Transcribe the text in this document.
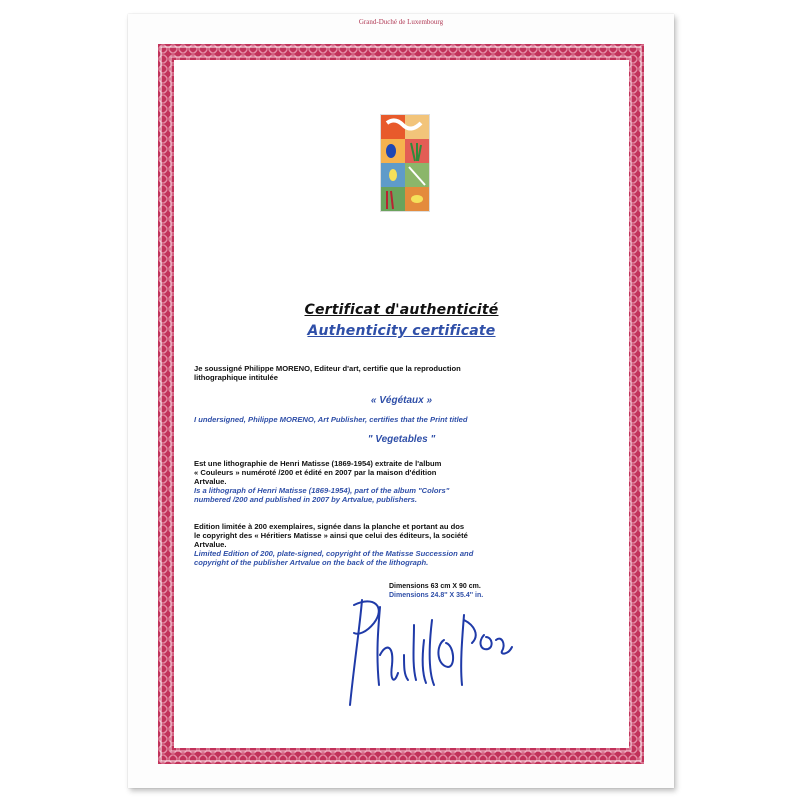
Grand-Duché de Luxembourg
Certificat d'authenticité
Authenticity certificate
Je soussigné Philippe MORENO, Editeur d'art, certifie que la reproduction
lithographique intitulée
« Végétaux »
I undersigned, Philippe MORENO, Art Publisher, certifies that the Print titled
" Vegetables "
Est une lithographie de Henri Matisse (1869-1954) extraite de l'album
« Couleurs » numéroté /200 et édité en 2007 par la maison d'édition
Artvalue.
Is a lithograph of Henri Matisse (1869-1954), part of the album "Colors"
numbered /200 and published in 2007 by Artvalue, publishers.
Edition limitée à 200 exemplaires, signée dans la planche et portant au dos
le copyright des « Héritiers Matisse » ainsi que celui des éditeurs, la société
Artvalue.
Limited Edition of 200, plate-signed, copyright of the Matisse Succession and
copyright of the publisher Artvalue on the back of the lithograph.
Dimensions 63 cm X 90 cm.
Dimensions 24.8'' X 35.4'' in.
